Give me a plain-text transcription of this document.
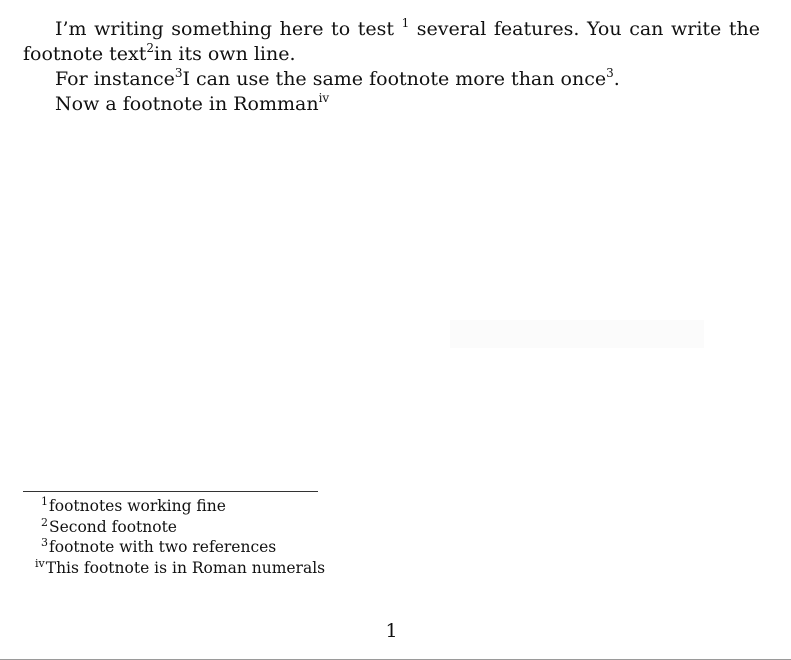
I’m writing something here to test $^1$ several features. You can write the footnote text$^2$in its own line.

For instance$^3$I can use the same footnote more than once$^3$.

Now a footnote in Romman$^{iv}$

$^1$footnotes working fine
$^2$Second footnote
$^3$footnote with two references
$^{iv}$This footnote is in Roman numerals
1
